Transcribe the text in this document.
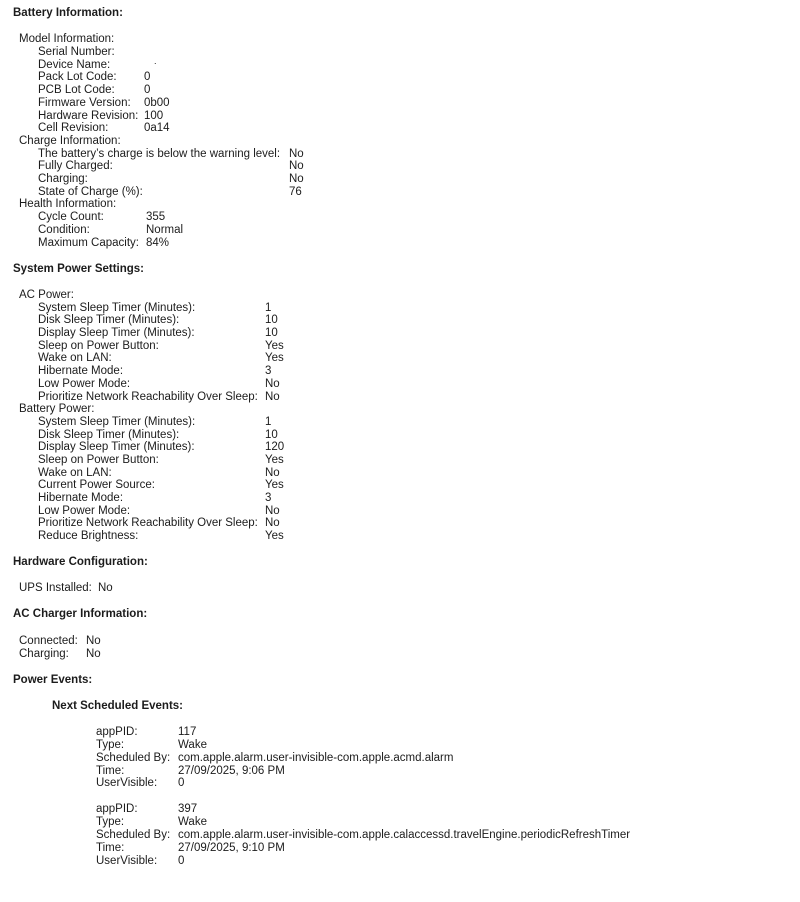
Battery Information:
Model Information:
Serial Number:
Device Name:	.
Pack Lot Code: 0
PCB Lot Code:	0
Firmware Version: 0b00
Hardware Revision: 100
Cell Revision:	0a14
Charge Information:
The battery’s charge is below the warning level: No
Fully Charged:	No
Charging:	No
State of Charge (%):	76
Health Information:
Cycle Count:	355
Condition:	Normal
Maximum Capacity: 84%
System Power Settings:
AC Power:
System Sleep Timer (Minutes):	1
Disk Sleep Timer (Minutes):	10
Display Sleep Timer (Minutes):	10
Sleep on Power Button:	Yes
Wake on LAN:	Yes
Hibernate Mode:	3
Low Power Mode:	No
Prioritize Network Reachability Over Sleep: No
Battery Power:
System Sleep Timer (Minutes):	1
Disk Sleep Timer (Minutes):	10
Display Sleep Timer (Minutes):	120
Sleep on Power Button:	Yes
Wake on LAN:	No
Current Power Source:	Yes
Hibernate Mode:	3
Low Power Mode:	No
Prioritize Network Reachability Over Sleep: No
Reduce Brightness:	Yes
Hardware Configuration:
UPS Installed: No
AC Charger Information:
Connected: No
Charging: No
Power Events:
Next Scheduled Events:
appPID:	117
Type:	Wake
Scheduled By: com.apple.alarm.user-invisible-com.apple.acmd.alarm
Time:	27/09/2025, 9:06 PM
UserVisible: 0
appPID:	397
Type:	Wake
Scheduled By: com.apple.alarm.user-invisible-com.apple.calaccessd.travelEngine.periodicRefreshTimer
Time:	27/09/2025, 9:10 PM
UserVisible: 0
